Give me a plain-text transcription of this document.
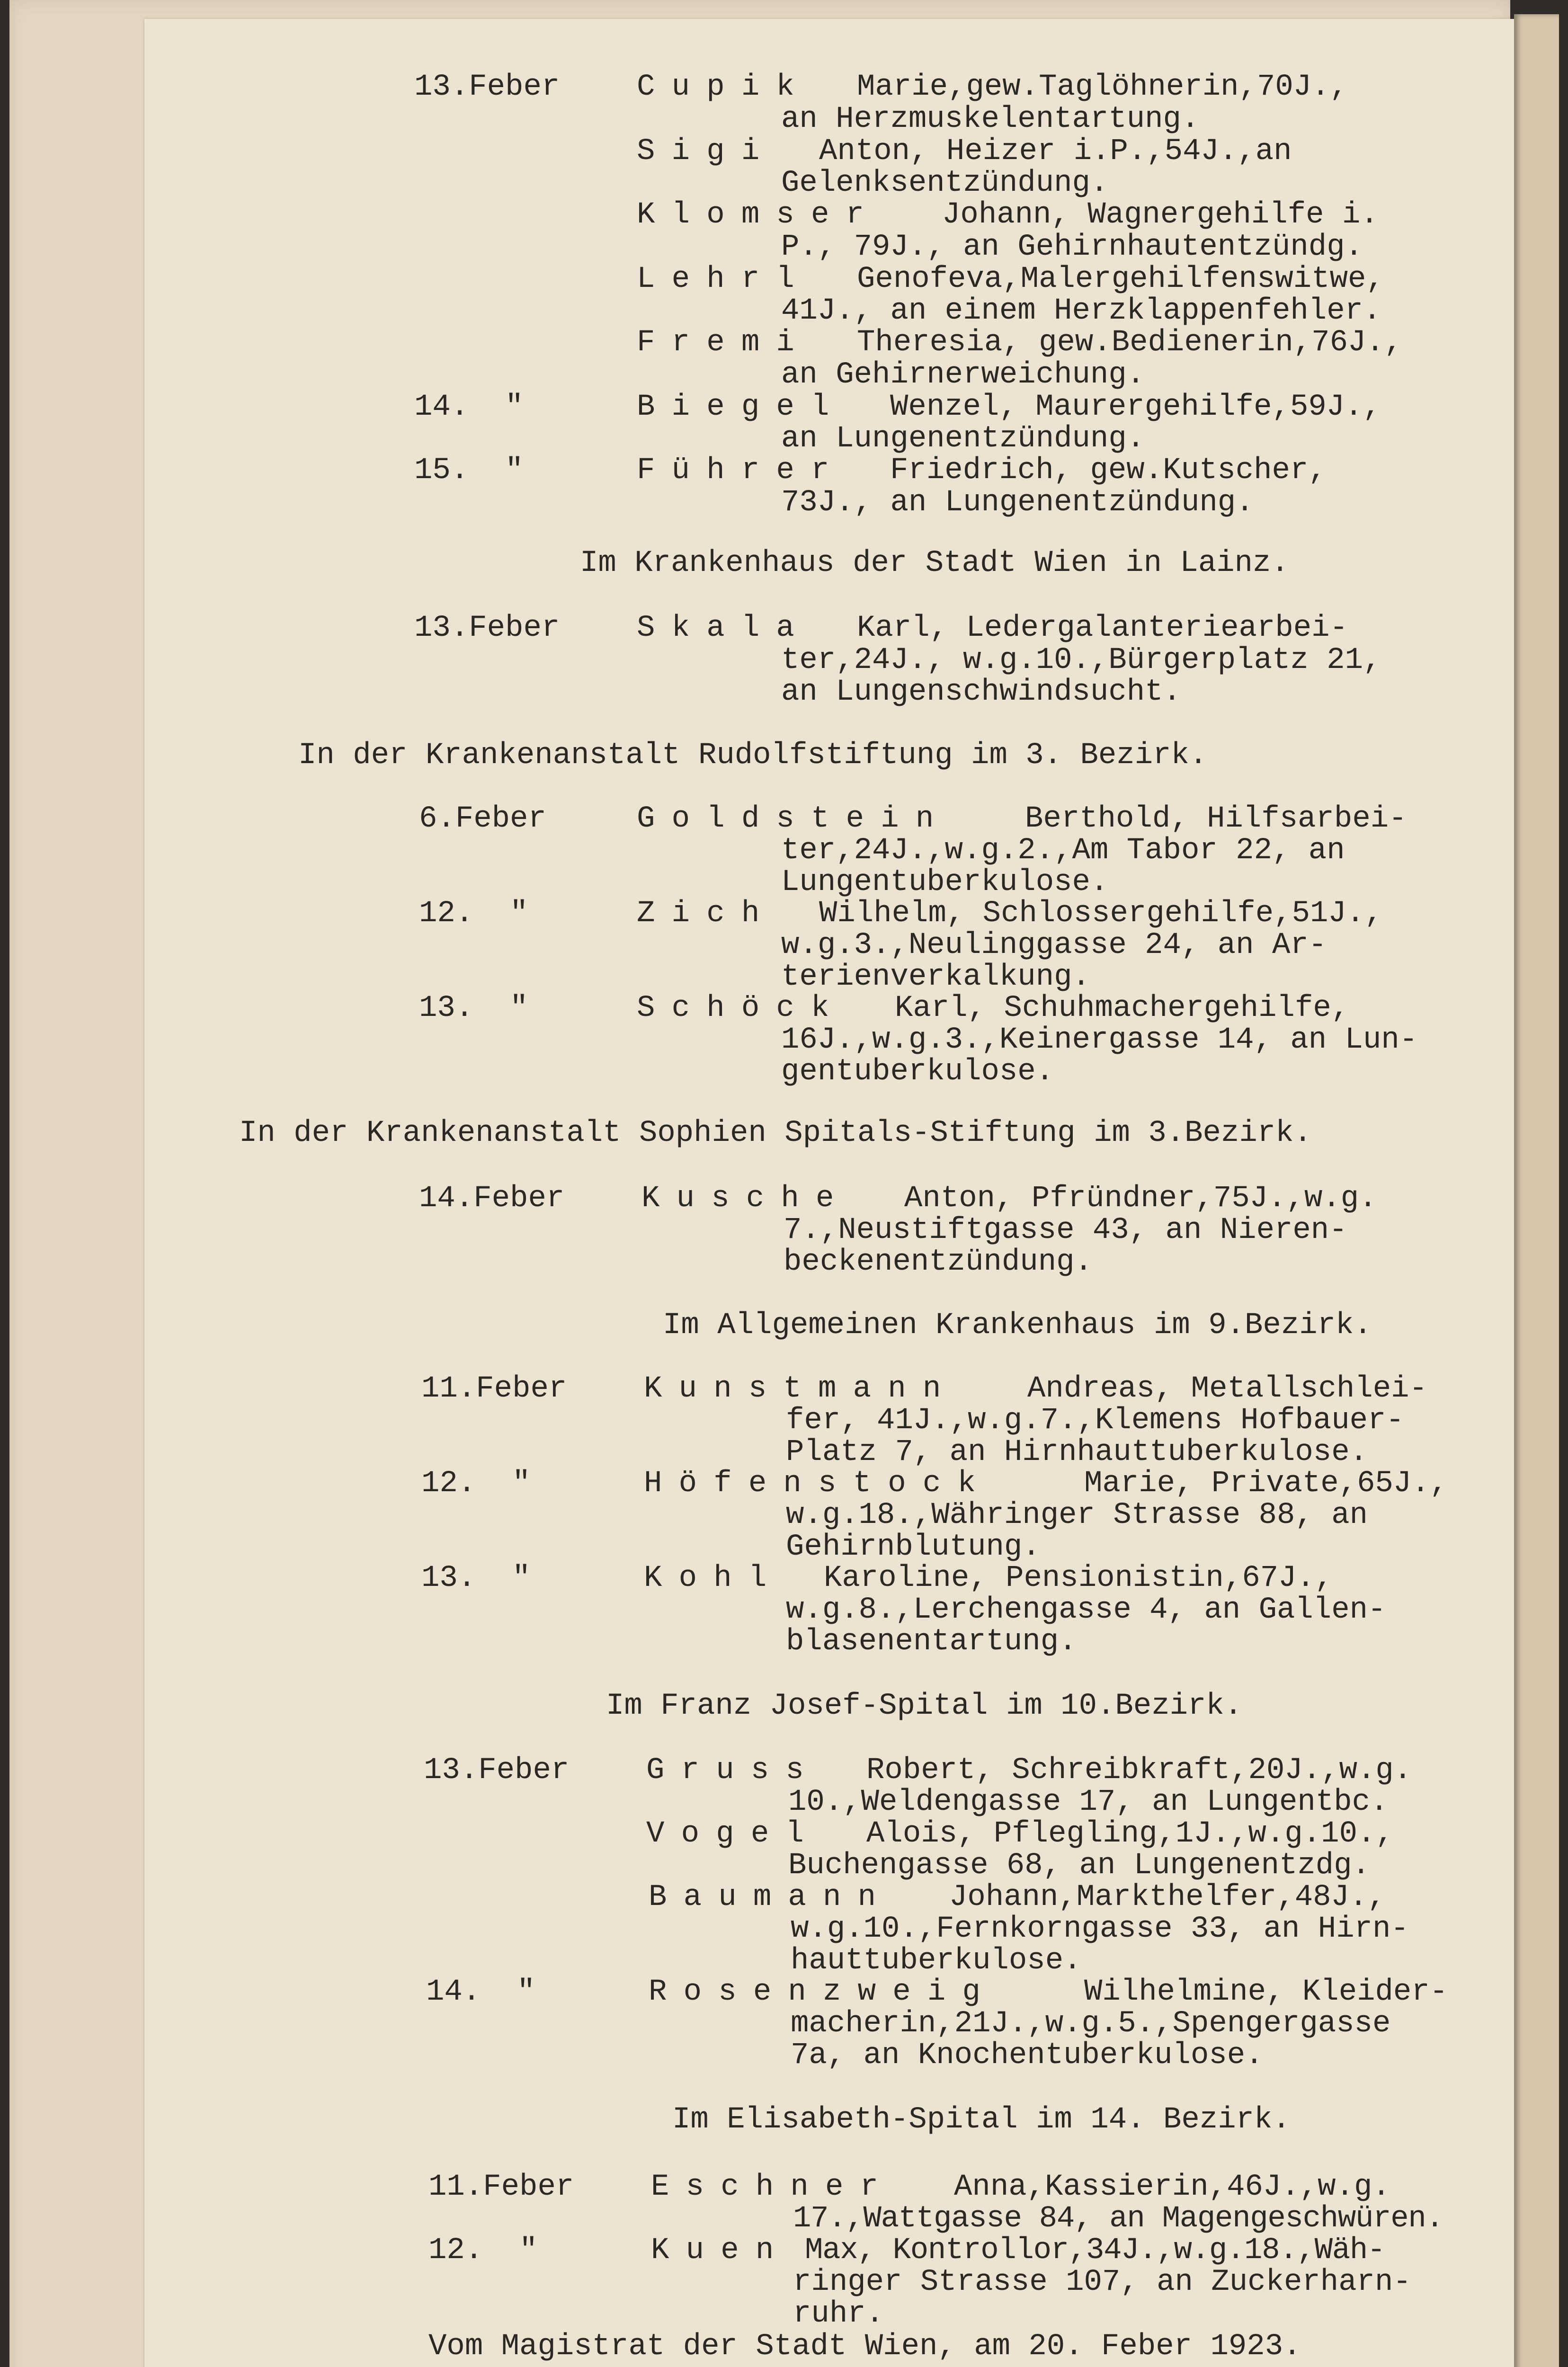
13.Feber	Cupik Marie,gew.Taglöhnerin,70J.,
an Herzmuskelentartung.
Sigi Anton, Heizer i.P.,54J.,an
Gelenksentzündung.
Klomser Johann, Wagnergehilfe i.
P., 79J., an Gehirnhautentzündg.
Lehrl Genofeva,Malergehilfenswitwe,
41J., an einem Herzklappenfehler.
Fremi Theresia, gew.Bedienerin,76J.,
an Gehirnerweichung.
14.  "	Biegel Wenzel, Maurergehilfe,59J.,
an Lungenentzündung.
15.  "	Führer Friedrich, gew.Kutscher,
73J., an Lungenentzündung.
Im Krankenhaus der Stadt Wien in Lainz.
13.Feber	Skala Karl, Ledergalanteriearbei-
ter,24J., w.g.10.,Bürgerplatz 21,
an Lungenschwindsucht.
In der Krankenanstalt Rudolfstiftung im 3. Bezirk.
6.Feber	Goldstein Berthold, Hilfsarbei-
ter,24J.,w.g.2.,Am Tabor 22, an
Lungentuberkulose.
12.  "	Zich Wilhelm, Schlossergehilfe,51J.,
w.g.3.,Neulinggasse 24, an Ar-
terienverkalkung.
13.  "	Schöck Karl, Schuhmachergehilfe,
16J.,w.g.3.,Keinergasse 14, an Lun-
gentuberkulose.
In der Krankenanstalt Sophien Spitals-Stiftung im 3.Bezirk.
14.Feber	Kusche Anton, Pfründner,75J.,w.g.
7.,Neustiftgasse 43, an Nieren-
beckenentzündung.
Im Allgemeinen Krankenhaus im 9.Bezirk.
11.Feber	Kunstmann Andreas, Metallschlei-
fer, 41J.,w.g.7.,Klemens Hofbauer-
Platz 7, an Hirnhauttuberkulose.
12.  "	Höfenstock	Marie, Private,65J.,
w.g.18.,Währinger Strasse 88, an
Gehirnblutung.
13.  "	Kohl Karoline, Pensionistin,67J.,
w.g.8.,Lerchengasse 4, an Gallen-
blasenentartung.
Im Franz Josef-Spital im 10.Bezirk.
13.Feber	Gruss Robert, Schreibkraft,20J.,w.g.
10.,Weldengasse 17, an Lungentbc.
Vogel Alois, Pflegling,1J.,w.g.10.,
Buchengasse 68, an Lungenentzdg.
Baumann Johann,Markthelfer,48J.,
w.g.10.,Fernkorngasse 33, an Hirn-
hauttuberkulose.
14.  "	Rosenzweig	Wilhelmine, Kleider-
macherin,21J.,w.g.5.,Spengergasse
7a, an Knochentuberkulose.
Im Elisabeth-Spital im 14. Bezirk.
11.Feber	Eschner Anna,Kassierin,46J.,w.g.
17.,Wattgasse 84, an Magengeschwüren.
12.  "	Kuen Max, Kontrollor,34J.,w.g.18.,Wäh-
ringer Strasse 107, an Zuckerharn-
ruhr.
Vom Magistrat der Stadt Wien, am 20. Feber 1923.
